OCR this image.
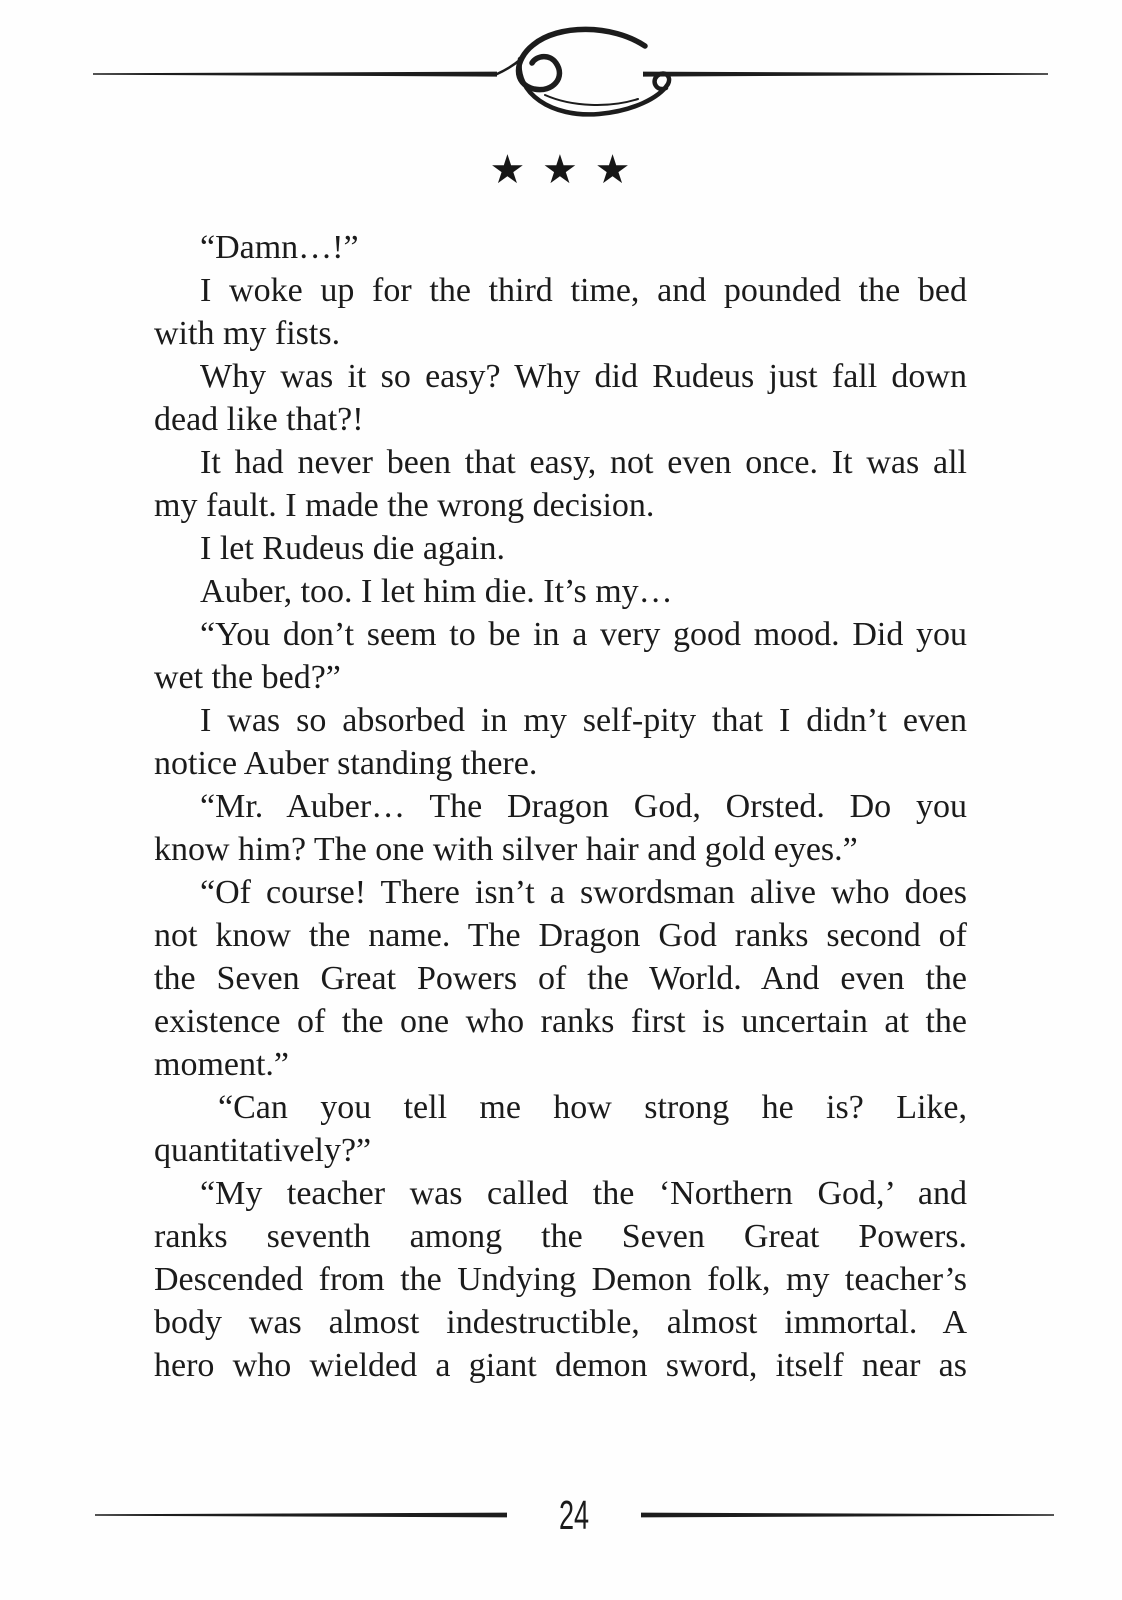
★ ★ ★

“Damn…!”

I woke up for the third time, and pounded the bed
with my fists.

Why was it so easy? Why did Rudeus just fall down
dead like that?!

It had never been that easy, not even once. It was all
my fault. I made the wrong decision.

I let Rudeus die again.

Auber, too. I let him die. It’s my…

“You don’t seem to be in a very good mood. Did you
wet the bed?”

I was so absorbed in my self-pity that I didn’t even
notice Auber standing there.

“Mr. Auber… The Dragon God, Orsted. Do you
know him? The one with silver hair and gold eyes.”

“Of course! There isn’t a swordsman alive who does
not know the name. The Dragon God ranks second of
the Seven Great Powers of the World. And even the
existence of the one who ranks first is uncertain at the
moment.”

“Can you tell me how strong he is? Like,
quantitatively?”

“My teacher was called the ‘Northern God,’ and
ranks seventh among the Seven Great Powers.
Descended from the Undying Demon folk, my teacher’s
body was almost indestructible, almost immortal. A
hero who wielded a giant demon sword, itself near as

24
